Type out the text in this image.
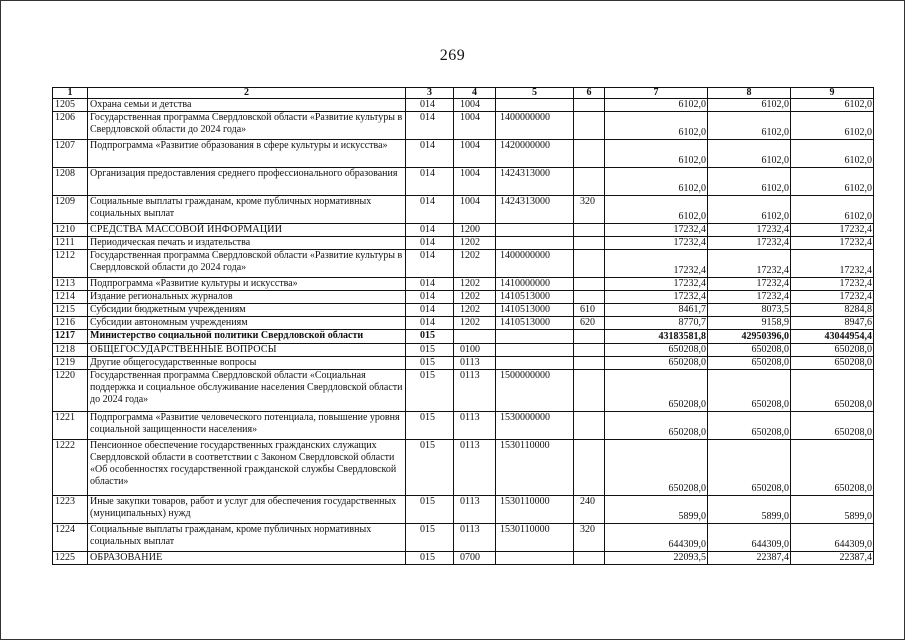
269
1	2	3	4	5	6	7	8	9
1205	Охрана семьи и детства	014	1004			6102,0	6102,0	6102,0
1206	Государственная программа Свердловской области «Развитие культуры в Свердловской области до 2024 года»	014	1004	1400000000		6102,0	6102,0	6102,0
1207	Подпрограмма «Развитие образования в сфере культуры и искусства»	014	1004	1420000000		6102,0	6102,0	6102,0
1208	Организация предоставления среднего профессионального образования	014	1004	1424313000		6102,0	6102,0	6102,0
1209	Социальные выплаты гражданам, кроме публичных нормативных социальных выплат	014	1004	1424313000	320	6102,0	6102,0	6102,0
1210	СРЕДСТВА МАССОВОЙ ИНФОРМАЦИИ	014	1200			17232,4	17232,4	17232,4
1211	Периодическая печать и издательства	014	1202			17232,4	17232,4	17232,4
1212	Государственная программа Свердловской области «Развитие культуры в Свердловской области до 2024 года»	014	1202	1400000000		17232,4	17232,4	17232,4
1213	Подпрограмма «Развитие культуры и искусства»	014	1202	1410000000		17232,4	17232,4	17232,4
1214	Издание региональных журналов	014	1202	1410513000		17232,4	17232,4	17232,4
1215	Субсидии бюджетным учреждениям	014	1202	1410513000	610	8461,7	8073,5	8284,8
1216	Субсидии автономным учреждениям	014	1202	1410513000	620	8770,7	9158,9	8947,6
1217	Министерство социальной политики Свердловской области	015				43183581,8	42950396,0	43044954,4
1218	ОБЩЕГОСУДАРСТВЕННЫЕ ВОПРОСЫ	015	0100			650208,0	650208,0	650208,0
1219	Другие общегосударственные вопросы	015	0113			650208,0	650208,0	650208,0
1220	Государственная программа Свердловской области «Социальная поддержка и социальное обслуживание населения Свердловской области до 2024 года»	015	0113	1500000000		650208,0	650208,0	650208,0
1221	Подпрограмма «Развитие человеческого потенциала, повышение уровня социальной защищенности населения»	015	0113	1530000000		650208,0	650208,0	650208,0
1222	Пенсионное обеспечение государственных гражданских служащих Свердловской области в соответствии с Законом Свердловской области «Об особенностях государственной гражданской службы Свердловской области»	015	0113	1530110000		650208,0	650208,0	650208,0
1223	Иные закупки товаров, работ и услуг для обеспечения государственных (муниципальных) нужд	015	0113	1530110000	240	5899,0	5899,0	5899,0
1224	Социальные выплаты гражданам, кроме публичных нормативных социальных выплат	015	0113	1530110000	320	644309,0	644309,0	644309,0
1225	ОБРАЗОВАНИЕ	015	0700			22093,5	22387,4	22387,4
